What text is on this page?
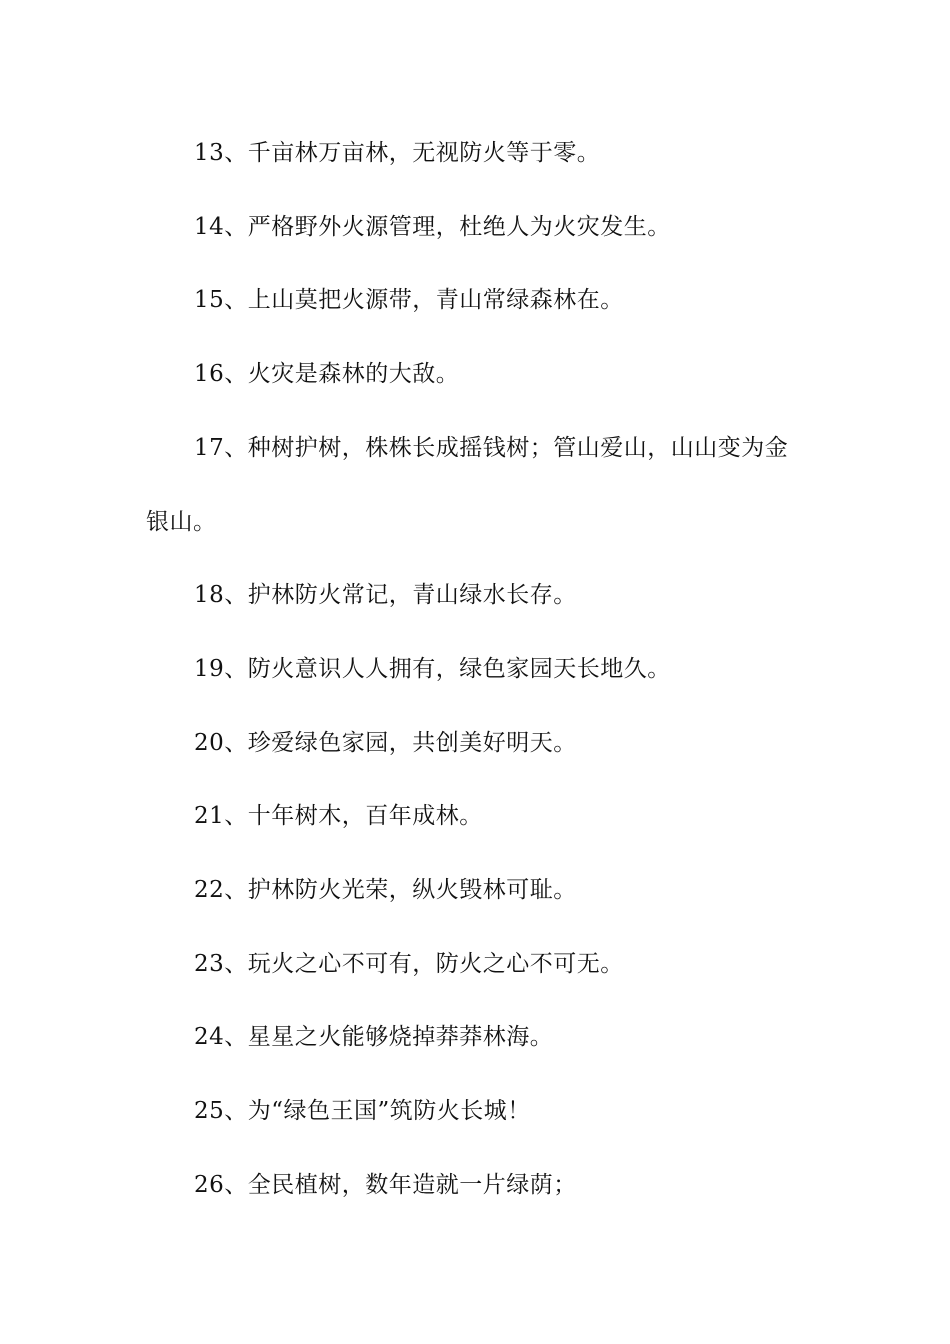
13、千亩林万亩林，无视防火等于零。

14、严格野外火源管理，杜绝人为火灾发生。

15、上山莫把火源带，青山常绿森林在。

16、火灾是森林的大敌。

17、种树护树，株株长成摇钱树；管山爱山，山山变为金银山。

18、护林防火常记，青山绿水长存。

19、防火意识人人拥有，绿色家园天长地久。

20、珍爱绿色家园，共创美好明天。

21、十年树木，百年成林。

22、护林防火光荣，纵火毁林可耻。

23、玩火之心不可有，防火之心不可无。

24、星星之火能够烧掉莽莽林海。

25、为“绿色王国”筑防火长城！

26、全民植树，数年造就一片绿荫；
